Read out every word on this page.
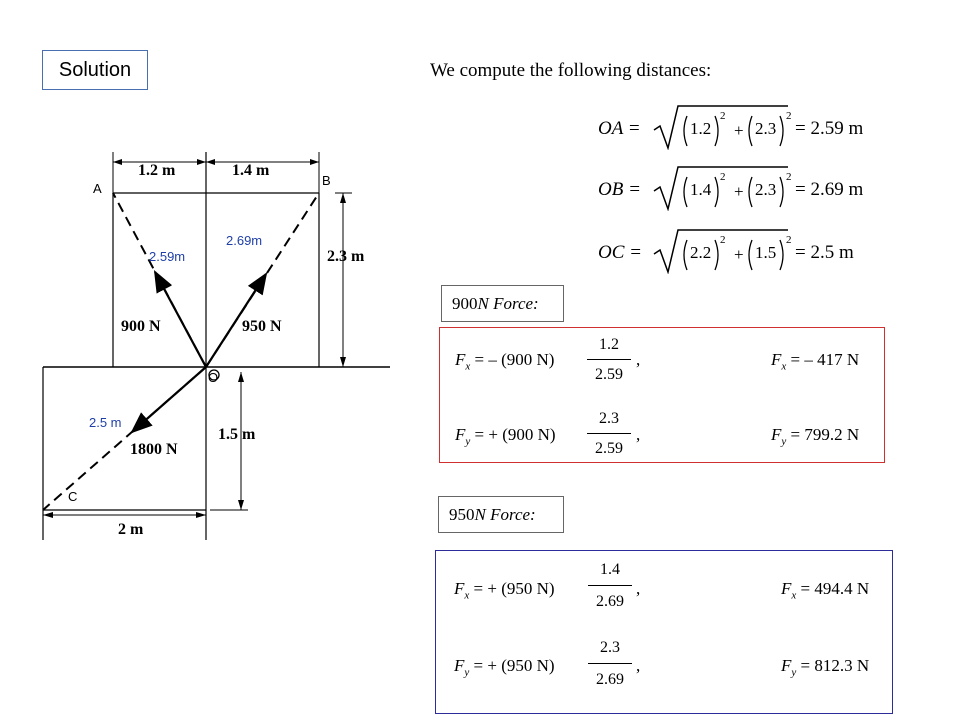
Solution	We compute the following distances:
OA =	+
1.2
2
2.3
2
= 2.59 m
OB =	+
1.4
2
2.3
2
= 2.69 m
OC =	+
2.2
2
1.5
2
= 2.5 m
900 N Force:
$F_x$ = – (900 N)
1.2
2.59
,	$F_x$ = – 417 N
$F_y$ = + (900 N)
2.3
2.59
,	$F_y = 799.2$ N
950 N Force:
$F_x$ = + (950 N)
1.4
2.69
,	$F_x = 494.4$ N
$F_y$ = + (950 N)
2.3
2.69
,	$F_y = 812.3$ N
1.2 m	1.4 m
2.3 m
1.5 m
2 m
900 N	950 N
1800 N
A
B
C
O
2.59m
2.69m
2.5 m
